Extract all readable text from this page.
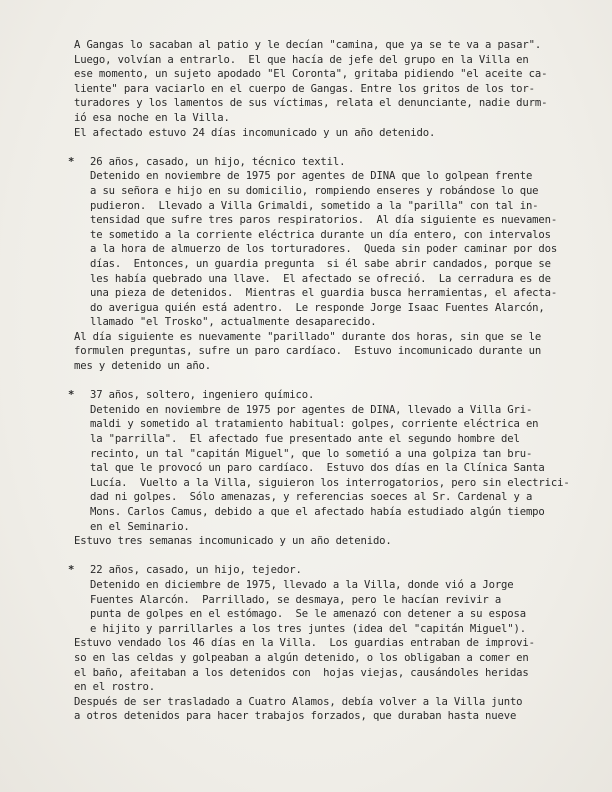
A Gangas lo sacaban al patio y le decían "camina, que ya se te va a pasar".
Luego, volvían a entrarlo.  El que hacía de jefe del grupo en la Villa en
ese momento, un sujeto apodado "El Coronta", gritaba pidiendo "el aceite ca-
liente" para vaciarlo en el cuerpo de Gangas. Entre los gritos de los tor-
turadores y los lamentos de sus víctimas, relata el denunciante, nadie durm-
ió esa noche en la Villa.
El afectado estuvo 24 días incomunicado y un año detenido.
* 26 años, casado, un hijo, técnico textil.
Detenido en noviembre de 1975 por agentes de DINA que lo golpean frente
a su señora e hijo en su domicilio, rompiendo enseres y robándose lo que
pudieron.  Llevado a Villa Grimaldi, sometido a la "parilla" con tal in-
tensidad que sufre tres paros respiratorios.  Al día siguiente es nuevamen-
te sometido a la corriente eléctrica durante un día entero, con intervalos
a la hora de almuerzo de los torturadores.  Queda sin poder caminar por dos
días.  Entonces, un guardia pregunta  si él sabe abrir candados, porque se
les había quebrado una llave.  El afectado se ofreció.  La cerradura es de
una pieza de detenidos.  Mientras el guardia busca herramientas, el afecta-
do averigua quién está adentro.  Le responde Jorge Isaac Fuentes Alarcón,
llamado "el Trosko", actualmente desaparecido.
Al día siguiente es nuevamente "parillado" durante dos horas, sin que se le
formulen preguntas, sufre un paro cardíaco.  Estuvo incomunicado durante un
mes y detenido un año.
* 37 años, soltero, ingeniero químico.
Detenido en noviembre de 1975 por agentes de DINA, llevado a Villa Gri-
maldi y sometido al tratamiento habitual: golpes, corriente eléctrica en
la "parrilla".  El afectado fue presentado ante el segundo hombre del
recinto, un tal "capitán Miguel", que lo sometió a una golpiza tan bru-
tal que le provocó un paro cardíaco.  Estuvo dos días en la Clínica Santa
Lucía.  Vuelto a la Villa, siguieron los interrogatorios, pero sin electrici-
dad ni golpes.  Sólo amenazas, y referencias soeces al Sr. Cardenal y a
Mons. Carlos Camus, debido a que el afectado había estudiado algún tiempo
en el Seminario.
Estuvo tres semanas incomunicado y un año detenido.
* 22 años, casado, un hijo, tejedor.
Detenido en diciembre de 1975, llevado a la Villa, donde vió a Jorge
Fuentes Alarcón.  Parrillado, se desmaya, pero le hacían revivir a
punta de golpes en el estómago.  Se le amenazó con detener a su esposa
e hijito y parrillarles a los tres juntes (idea del "capitán Miguel").
Estuvo vendado los 46 días en la Villa.  Los guardias entraban de improvi-
so en las celdas y golpeaban a algún detenido, o los obligaban a comer en
el baño, afeitaban a los detenidos con  hojas viejas, causándoles heridas
en el rostro.
Después de ser trasladado a Cuatro Alamos, debía volver a la Villa junto
a otros detenidos para hacer trabajos forzados, que duraban hasta nueve
